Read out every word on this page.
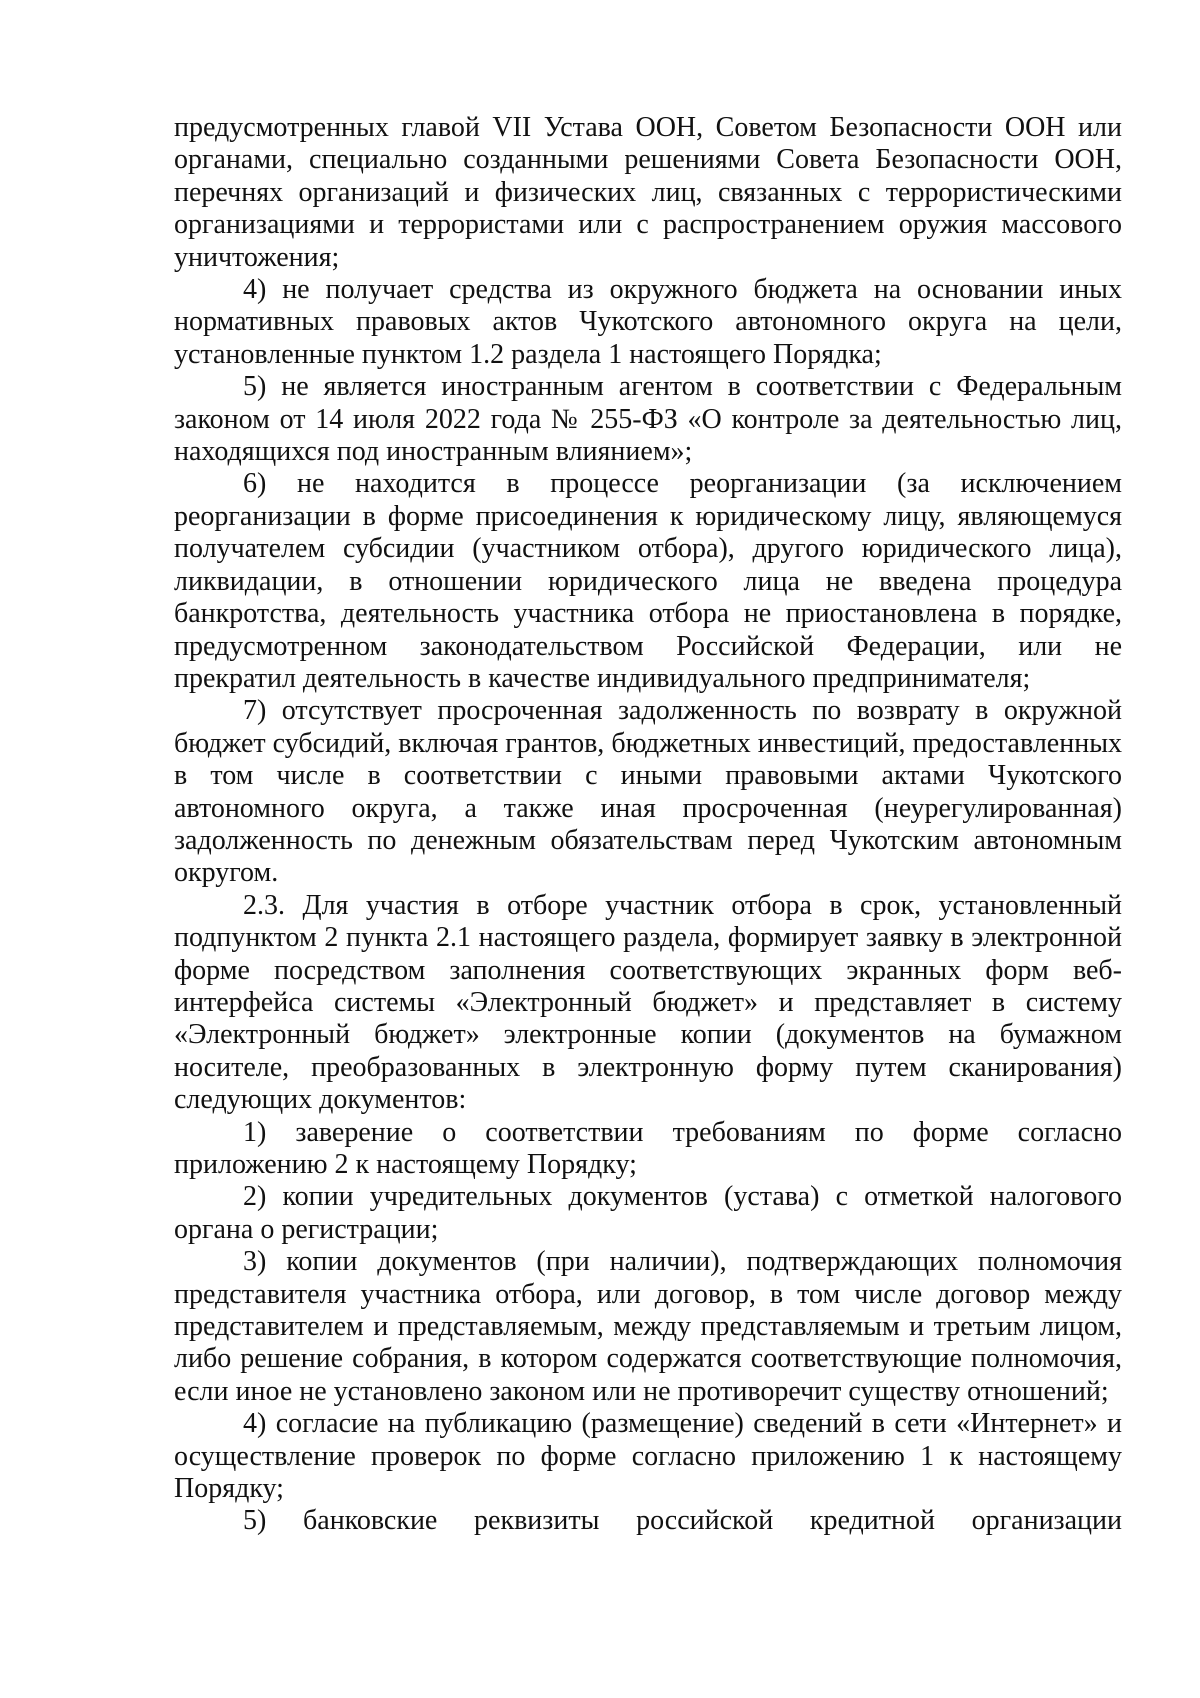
предусмотренных главой VII Устава ООН, Советом Безопасности ООН или органами, специально созданными решениями Совета Безопасности ООН, перечнях организаций и физических лиц, связанных с террористическими организациями и террористами или с распространением оружия массового уничтожения;

4) не получает средства из окружного бюджета на основании иных нормативных правовых актов Чукотского автономного округа на цели, установленные пунктом 1.2 раздела 1 настоящего Порядка;

5) не является иностранным агентом в соответствии с Федеральным законом от 14 июля 2022 года № 255-ФЗ «О контроле за деятельностью лиц, находящихся под иностранным влиянием»;

6) не находится в процессе реорганизации (за исключением реорганизации в форме присоединения к юридическому лицу, являющемуся получателем субсидии (участником отбора), другого юридического лица), ликвидации, в отношении юридического лица не введена процедура банкротства, деятельность участника отбора не приостановлена в порядке, предусмотренном законодательством Российской Федерации, или не прекратил деятельность в качестве индивидуального предпринимателя;

7) отсутствует просроченная задолженность по возврату в окружной бюджет субсидий, включая грантов, бюджетных инвестиций, предоставленных в том числе в соответствии с иными правовыми актами Чукотского автономного округа, а также иная просроченная (неурегулированная) задолженность по денежным обязательствам перед Чукотским автономным округом.

2.3. Для участия в отборе участник отбора в срок, установленный подпунктом 2 пункта 2.1 настоящего раздела, формирует заявку в электронной форме посредством заполнения соответствующих экранных форм веб-интерфейса системы «Электронный бюджет» и представляет в систему «Электронный бюджет» электронные копии (документов на бумажном носителе, преобразованных в электронную форму путем сканирования) следующих документов:

1) заверение о соответствии требованиям по форме согласно приложению 2 к настоящему Порядку;

2) копии учредительных документов (устава) с отметкой налогового органа о регистрации;

3) копии документов (при наличии), подтверждающих полномочия представителя участника отбора, или договор, в том числе договор между представителем и представляемым, между представляемым и третьим лицом, либо решение собрания, в котором содержатся соответствующие полномочия, если иное не установлено законом или не противоречит существу отношений;

4) согласие на публикацию (размещение) сведений в сети «Интернет» и осуществление проверок по форме согласно приложению 1 к настоящему Порядку;

5) банковские реквизиты российской кредитной организации
